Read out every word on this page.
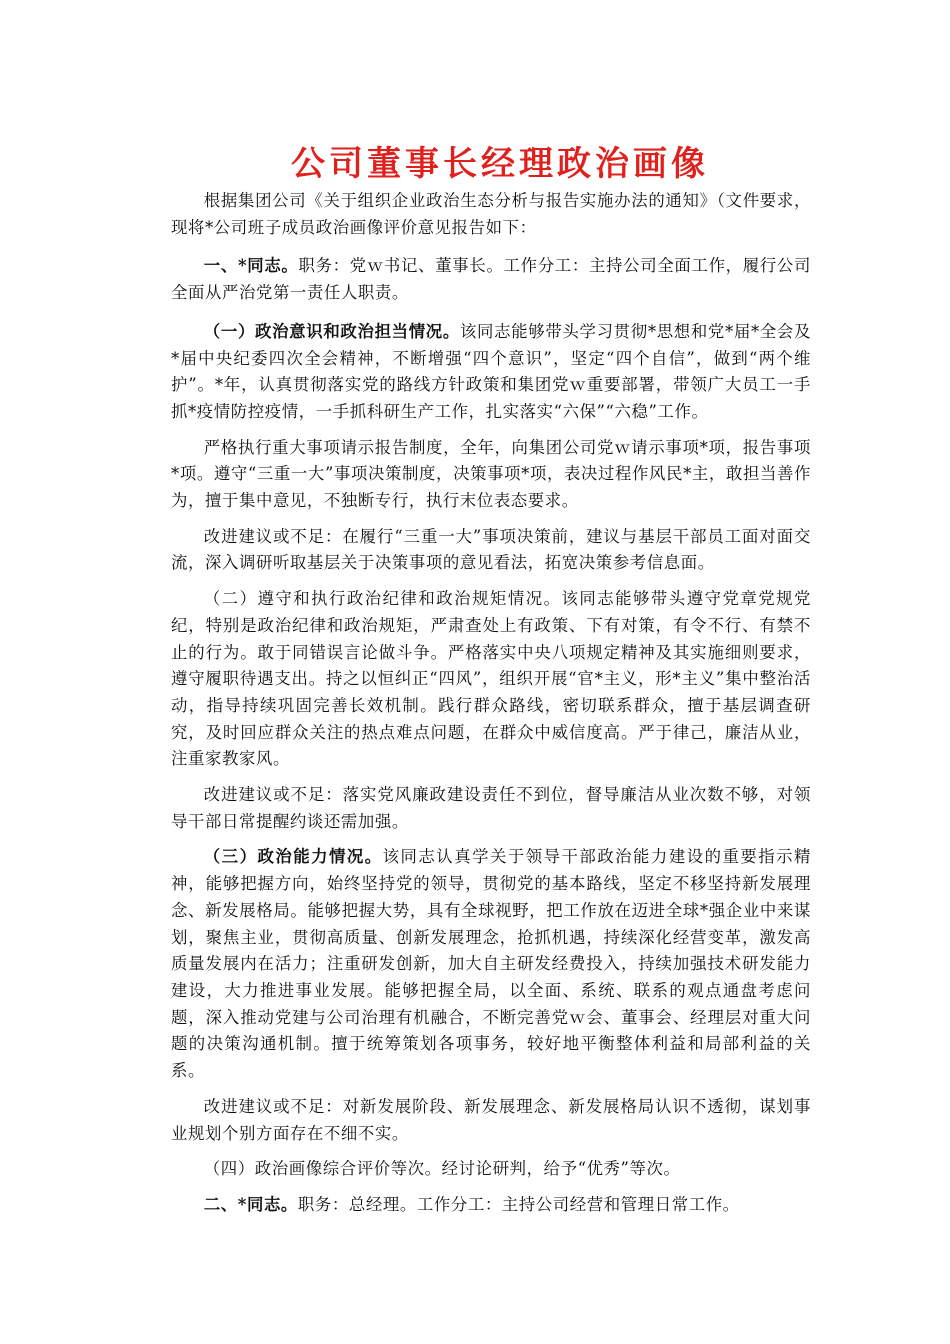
公司董事长经理政治画像

根据集团公司《关于组织企业政治生态分析与报告实施办法的通知》（文件要求，现将*公司班子成员政治画像评价意见报告如下：

一、*同志。职务：党ｗ书记、董事长。工作分工：主持公司全面工作，履行公司全面从严治党第一责任人职责。

（一）政治意识和政治担当情况。该同志能够带头学习贯彻*思想和党*届*全会及*届中央纪委四次全会精神，不断增强“四个意识”，坚定“四个自信”，做到“两个维护”。*年，认真贯彻落实党的路线方针政策和集团党ｗ重要部署，带领广大员工一手抓*疫情防控疫情，一手抓科研生产工作，扎实落实“六保”“六稳”工作。

严格执行重大事项请示报告制度，全年，向集团公司党ｗ请示事项*项，报告事项*项。遵守“三重一大”事项决策制度，决策事项*项，表决过程作风民*主，敢担当善作为，擅于集中意见，不独断专行，执行末位表态要求。

改进建议或不足：在履行“三重一大”事项决策前，建议与基层干部员工面对面交流，深入调研听取基层关于决策事项的意见看法，拓宽决策参考信息面。

（二）遵守和执行政治纪律和政治规矩情况。该同志能够带头遵守党章党规党纪，特别是政治纪律和政治规矩，严肃查处上有政策、下有对策，有令不行、有禁不止的行为。敢于同错误言论做斗争。严格落实中央八项规定精神及其实施细则要求，遵守履职待遇支出。持之以恒纠正“四风”，组织开展“官*主义，形*主义”集中整治活动，指导持续巩固完善长效机制。践行群众路线，密切联系群众，擅于基层调查研究，及时回应群众关注的热点难点问题，在群众中威信度高。严于律己，廉洁从业，注重家教家风。

改进建议或不足：落实党风廉政建设责任不到位，督导廉洁从业次数不够，对领导干部日常提醒约谈还需加强。

（三）政治能力情况。该同志认真学关于领导干部政治能力建设的重要指示精神，能够把握方向，始终坚持党的领导，贯彻党的基本路线，坚定不移坚持新发展理念、新发展格局。能够把握大势，具有全球视野，把工作放在迈进全球*强企业中来谋划，聚焦主业，贯彻高质量、创新发展理念，抢抓机遇，持续深化经营变革，激发高质量发展内在活力；注重研发创新，加大自主研发经费投入，持续加强技术研发能力建设，大力推进事业发展。能够把握全局，以全面、系统、联系的观点通盘考虑问题，深入推动党建与公司治理有机融合，不断完善党ｗ会、董事会、经理层对重大问题的决策沟通机制。擅于统筹策划各项事务，较好地平衡整体利益和局部利益的关系。

改进建议或不足：对新发展阶段、新发展理念、新发展格局认识不透彻，谋划事业规划个别方面存在不细不实。

（四）政治画像综合评价等次。经讨论研判，给予“优秀”等次。

二、*同志。职务：总经理。工作分工：主持公司经营和管理日常工作。
